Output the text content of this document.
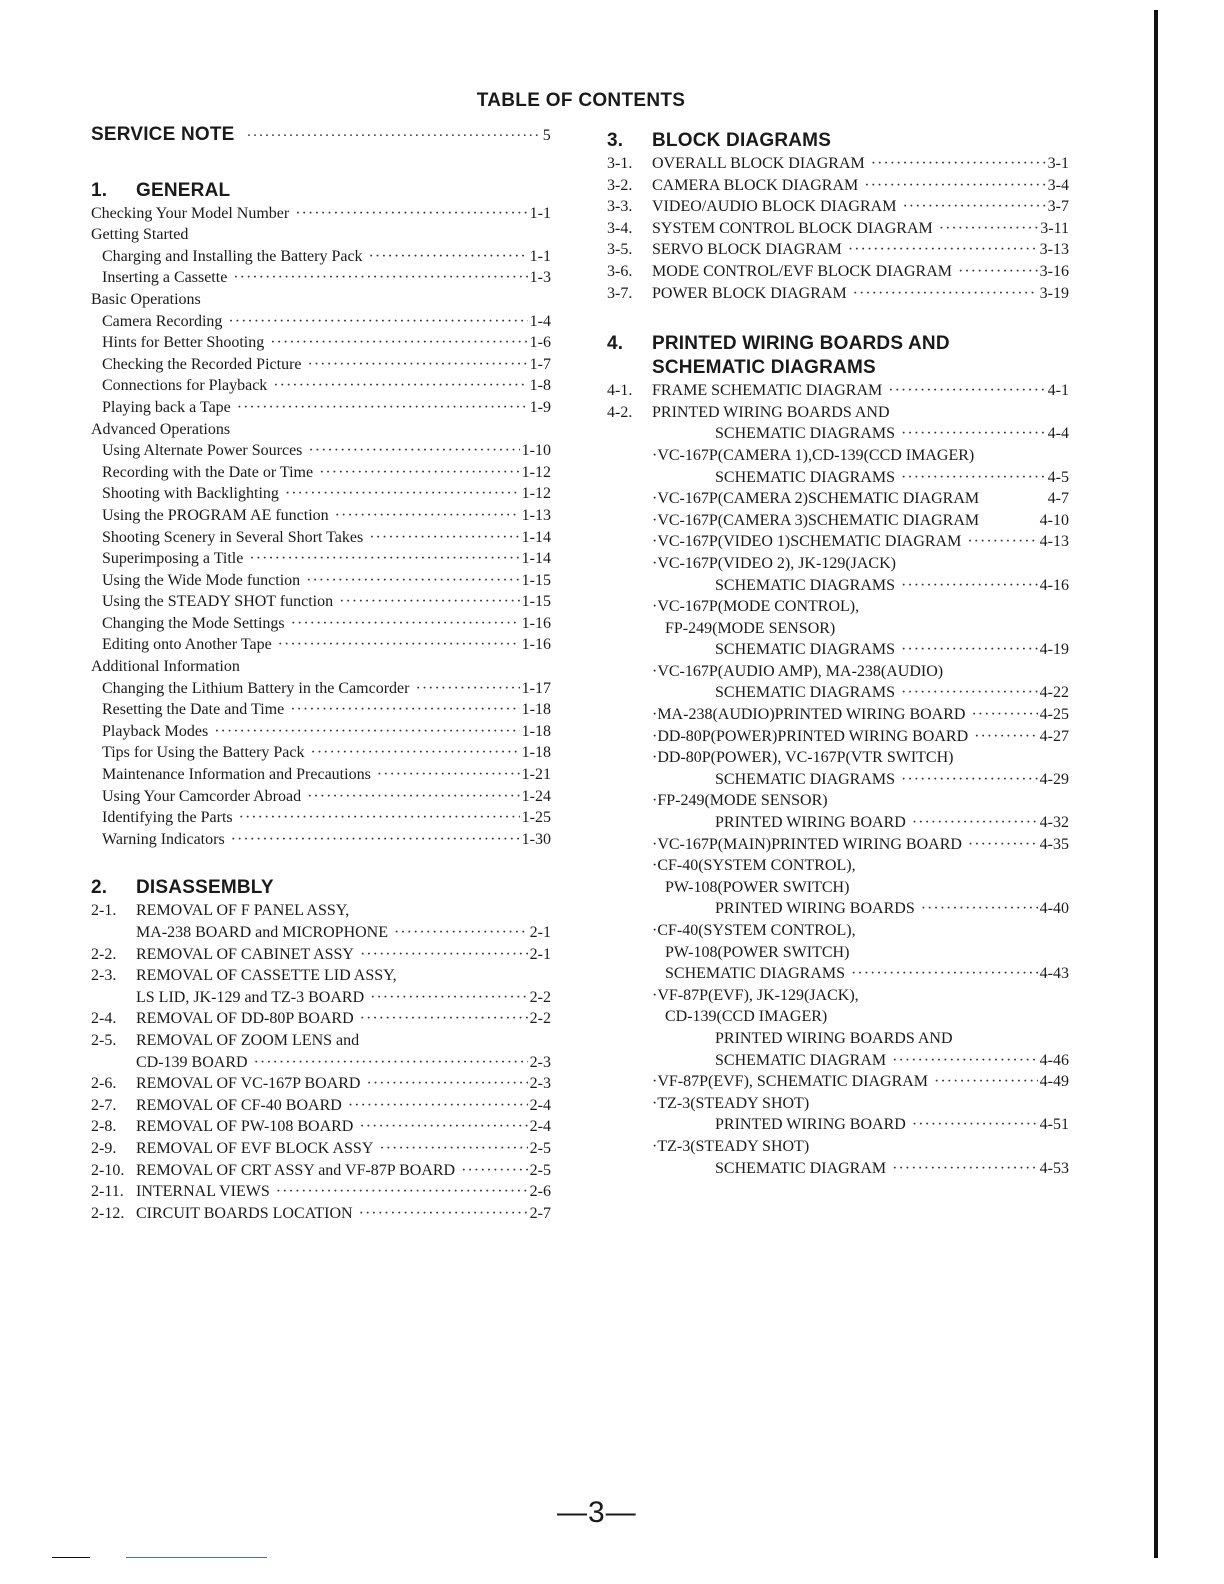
TABLE OF CONTENTS
SERVICE NOTE ·····	5
1.	GENERAL
Checking Your Model Number ·····	1-1
Getting Started
Charging and Installing the Battery Pack ·····	1-1
Inserting a Cassette ·····	1-3
Basic Operations
Camera Recording ·····	1-4
Hints for Better Shooting ·····	1-6
Checking the Recorded Picture ·····	1-7
Connections for Playback ·····	1-8
Playing back a Tape ·····	1-9
Advanced Operations
Using Alternate Power Sources ·····	1-10
Recording with the Date or Time ·····	1-12
Shooting with Backlighting ·····	1-12
Using the PROGRAM AE function ·····	1-13
Shooting Scenery in Several Short Takes ·····	1-14
Superimposing a Title ·····	1-14
Using the Wide Mode function ·····	1-15
Using the STEADY SHOT function ·····	1-15
Changing the Mode Settings ·····	1-16
Editing onto Another Tape ·····	1-16
Additional Information
Changing the Lithium Battery in the Camcorder ·····	1-17
Resetting the Date and Time ·····	1-18
Playback Modes ·····	1-18
Tips for Using the Battery Pack ·····	1-18
Maintenance Information and Precautions ·····	1-21
Using Your Camcorder Abroad ·····	1-24
Identifying the Parts ·····	1-25
Warning Indicators ·····	1-30
2.	DISASSEMBLY
2-1.	REMOVAL OF F PANEL ASSY,
MA-238 BOARD and MICROPHONE ·····	2-1
2-2.	REMOVAL OF CABINET ASSY ·····	2-1
2-3.	REMOVAL OF CASSETTE LID ASSY,
LS LID, JK-129 and TZ-3 BOARD ·····	2-2
2-4.	REMOVAL OF DD-80P BOARD ·····	2-2
2-5.	REMOVAL OF ZOOM LENS and
CD-139 BOARD ·····	2-3
2-6.	REMOVAL OF VC-167P BOARD ·····	2-3
2-7.	REMOVAL OF CF-40 BOARD ·····	2-4
2-8.	REMOVAL OF PW-108 BOARD ·····	2-4
2-9.	REMOVAL OF EVF BLOCK ASSY ·····	2-5
2-10. REMOVAL OF CRT ASSY and VF-87P BOARD ·····	2-5
2-11. INTERNAL VIEWS ·····	2-6
2-12. CIRCUIT BOARDS LOCATION ·····	2-7
3.	BLOCK DIAGRAMS
3-1.	OVERALL BLOCK DIAGRAM ·····	3-1
3-2.	CAMERA BLOCK DIAGRAM ·····	3-4
3-3.	VIDEO/AUDIO BLOCK DIAGRAM ·····	3-7
3-4.	SYSTEM CONTROL BLOCK DIAGRAM ·····	3-11
3-5.	SERVO BLOCK DIAGRAM ·····	3-13
3-6.	MODE CONTROL/EVF BLOCK DIAGRAM ·····	3-16
3-7.	POWER BLOCK DIAGRAM ·····	3-19
4.	PRINTED WIRING BOARDS AND
SCHEMATIC DIAGRAMS
4-1.	FRAME SCHEMATIC DIAGRAM ·····	4-1
4-2.	PRINTED WIRING BOARDS AND
SCHEMATIC DIAGRAMS ·····	4-4
·VC-167P(CAMERA 1),CD-139(CCD IMAGER)
SCHEMATIC DIAGRAMS ·····	4-5
·VC-167P(CAMERA 2)SCHEMATIC DIAGRAM	4-7
·VC-167P(CAMERA 3)SCHEMATIC DIAGRAM	4-10
·VC-167P(VIDEO 1)SCHEMATIC DIAGRAM ·····	4-13
·VC-167P(VIDEO 2), JK-129(JACK)
SCHEMATIC DIAGRAMS ·····	4-16
·VC-167P(MODE CONTROL),
FP-249(MODE SENSOR)
SCHEMATIC DIAGRAMS ·····	4-19
·VC-167P(AUDIO AMP), MA-238(AUDIO)
SCHEMATIC DIAGRAMS ·····	4-22
·MA-238(AUDIO)PRINTED WIRING BOARD ·····	4-25
·DD-80P(POWER)PRINTED WIRING BOARD ·····	4-27
·DD-80P(POWER), VC-167P(VTR SWITCH)
SCHEMATIC DIAGRAMS ·····	4-29
·FP-249(MODE SENSOR)
PRINTED WIRING BOARD ·····	4-32
·VC-167P(MAIN)PRINTED WIRING BOARD ·····	4-35
·CF-40(SYSTEM CONTROL),
PW-108(POWER SWITCH)
PRINTED WIRING BOARDS ·····	4-40
·CF-40(SYSTEM CONTROL),
PW-108(POWER SWITCH)
SCHEMATIC DIAGRAMS ·····	4-43
·VF-87P(EVF), JK-129(JACK),
CD-139(CCD IMAGER)
PRINTED WIRING BOARDS AND
SCHEMATIC DIAGRAM ·····	4-46
·VF-87P(EVF), SCHEMATIC DIAGRAM ·····	4-49
·TZ-3(STEADY SHOT)
PRINTED WIRING BOARD ·····	4-51
·TZ-3(STEADY SHOT)
SCHEMATIC DIAGRAM ·····	4-53
—3—
